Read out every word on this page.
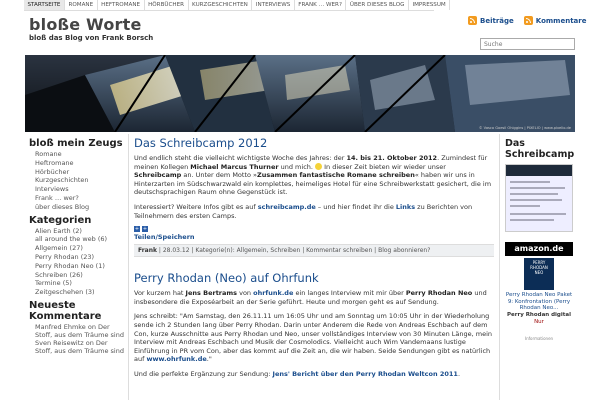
STARTSEITE	ROMANE	HEFTROMANE	HÖRBÜCHER	KURZGESCHICHTEN	INTERVIEWS	FRANK … WER?	ÜBER DIESES BLOG	IMPRESSUM
bloße Worte
bloß das Blog von Frank Borsch
Beiträge	Kommentare
Suche
© Vasco Goesil Ohiggins | PIXELIO | www.pixelio.de
bloß mein Zeugs
Romane
Heftromane
Hörbücher
Kurzgeschichten
Interviews
Frank … wer?
über dieses Blog
Kategorien
Alien Earth (2)
all around the web (6)
Allgemein (27)
Perry Rhodan (23)
Perry Rhodan Neo (1)
Schreiben (26)
Termine (5)
Zeitgeschehen (3)
Neueste Kommentare
Manfred Ehmke on Der Stoff, aus dem Träume sind
Sven Reisewitz on Der Stoff, aus dem Träume sind
Das Schreibcamp 2012
Und endlich steht die vielleicht wichtigste Woche des Jahres: der 14. bis 21. Oktober 2012. Zumindest für meinen Kollegen Michael Marcus Thurner und mich.  In dieser Zeit bieten wir wieder unser Schreibcamp an. Unter dem Motto »Zusammen fantastische Romane schreiben« haben wir uns in Hinterzarten im Südschwarzwald ein komplettes, heimeliges Hotel für eine Schreibwerkstatt gesichert, die im deutschsprachigen Raum ohne Gegenstück ist.
Interessiert? Weitere Infos gibt es auf schreibcamp.de – und hier findet ihr die Links zu Berichten von Teilnehmern des ersten Camps.
+ +
Teilen/Speichern
Frank | 28.03.12 | Kategorie(n): Allgemein, Schreiben | Kommentar schreiben | Blog abonnieren?
Perry Rhodan (Neo) auf Ohrfunk
Vor kurzem hat Jens Bertrams von ohrfunk.de ein langes Interview mit mir über Perry Rhodan Neo und insbesondere die Exposéarbeit an der Serie geführt. Heute und morgen geht es auf Sendung.
Jens schreibt: "Am Samstag, den 26.11.11 um 16:05 Uhr und am Sonntag um 10:05 Uhr in der Wiederholung sende ich 2 Stunden lang über Perry Rhodan. Darin unter Anderem die Rede von Andreas Eschbach auf dem Con, kurze Ausschnitte aus Perry Rhodan und Neo, unser vollständiges Interview von 30 Minuten Länge, mein Interview mit Andreas Eschbach und Musik der Cosmolodics. Vielleicht auch Wim Vandemaans lustige Einführung in PR vom Con, aber das kommt auf die Zeit an, die wir haben. Seide Sendungen gibt es natürlich auf www.ohrfunk.de."
Und die perfekte Ergänzung zur Sendung: Jens' Bericht über den Perry Rhodan Weltcon 2011.
Das Schreibcamp
amazon.de
PERRY RHODAN NEO
Perry Rhodan Neo Paket 9: Konfrontation (Perry Rhodan Neo...
Perry Rhodan digital
Nur
Informationen
